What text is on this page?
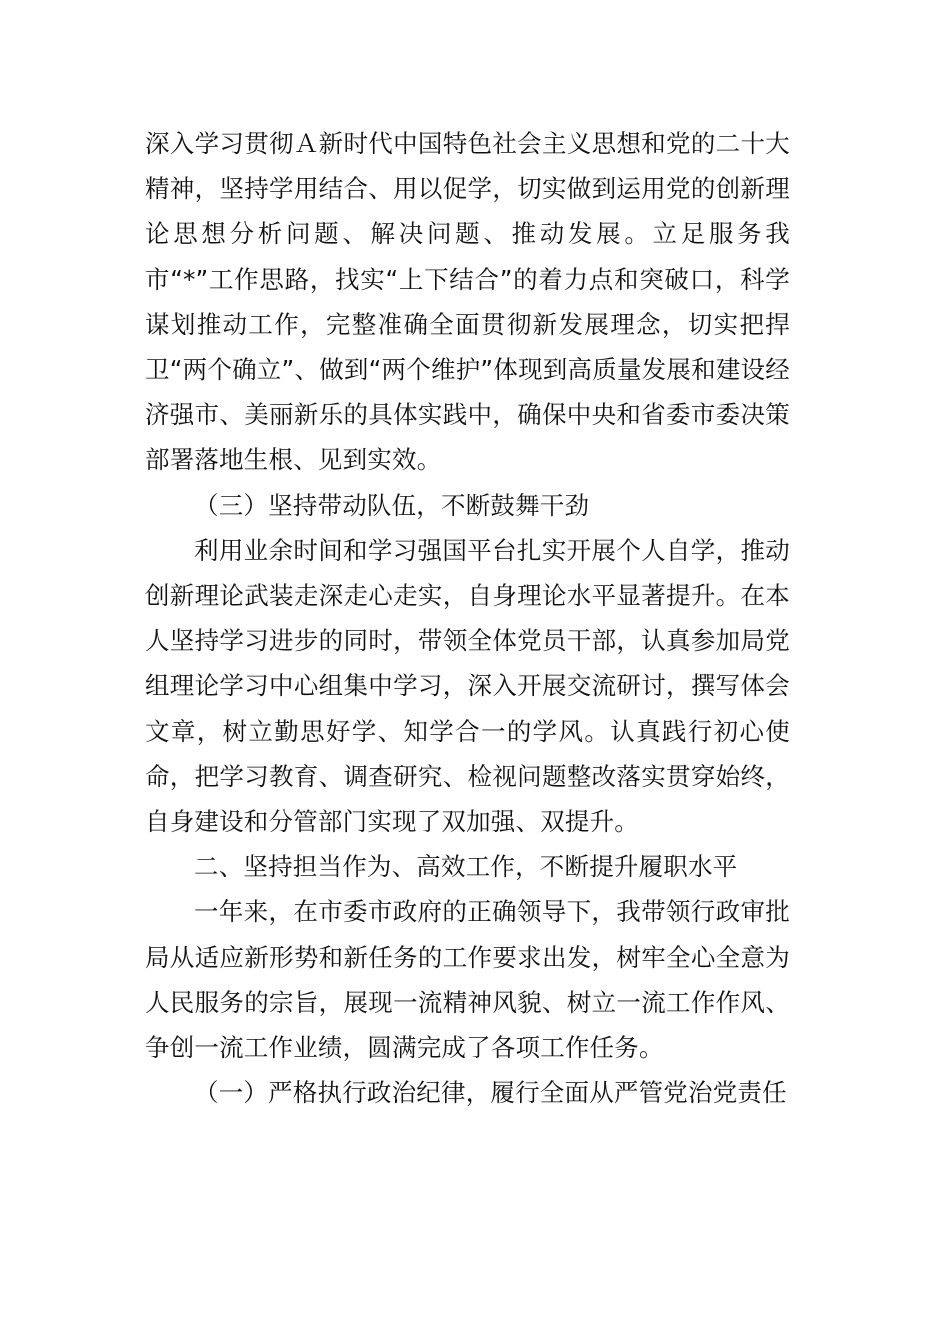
深入学习贯彻Ａ新时代中国特色社会主义思想和党的二十大精神，坚持学用结合、用以促学，切实做到运用党的创新理论思想分析问题、解决问题、推动发展。立足服务我市“*”工作思路，找实“上下结合”的着力点和突破口，科学谋划推动工作，完整准确全面贯彻新发展理念，切实把捍卫“两个确立”、做到“两个维护”体现到高质量发展和建设经济强市、美丽新乐的具体实践中，确保中央和省委市委决策部署落地生根、见到实效。

（三）坚持带动队伍，不断鼓舞干劲

利用业余时间和学习强国平台扎实开展个人自学，推动创新理论武装走深走心走实，自身理论水平显著提升。在本人坚持学习进步的同时，带领全体党员干部，认真参加局党组理论学习中心组集中学习，深入开展交流研讨，撰写体会文章，树立勤思好学、知学合一的学风。认真践行初心使命，把学习教育、调查研究、检视问题整改落实贯穿始终，自身建设和分管部门实现了双加强、双提升。

二、坚持担当作为、高效工作，不断提升履职水平

一年来，在市委市政府的正确领导下，我带领行政审批局从适应新形势和新任务的工作要求出发，树牢全心全意为人民服务的宗旨，展现一流精神风貌、树立一流工作作风、争创一流工作业绩，圆满完成了各项工作任务。

（一）严格执行政治纪律，履行全面从严管党治党责任
